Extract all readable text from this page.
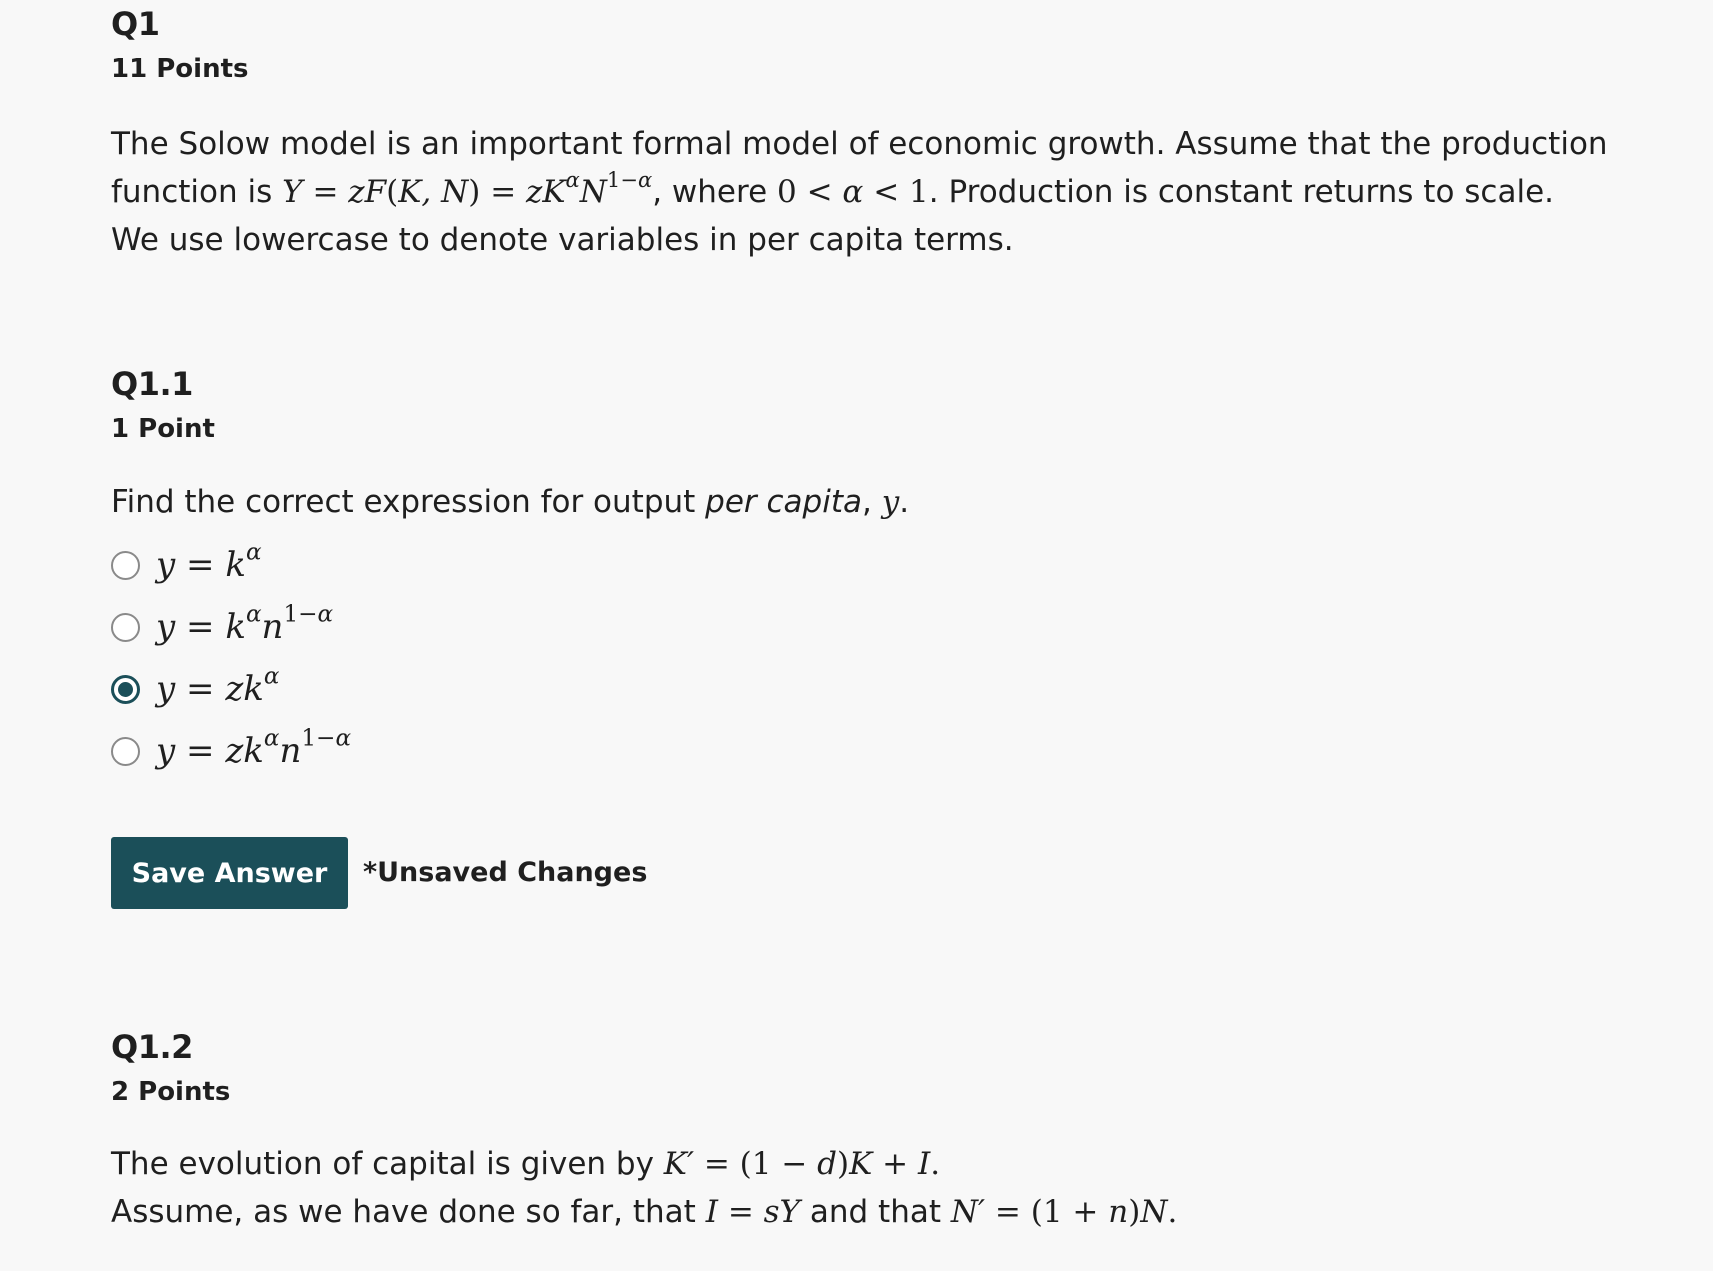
Q1
11 Points
The Solow model is an important formal model of economic growth. Assume that the production function is Y = zF(K, $N) = zK^\alpha N^{1-\alpha}$, where 0 < α < 1. Production is constant returns to scale. We use lowercase to denote variables in per capita terms.
Q1.1
1 Point
Find the correct expression for output per capita, y.
$y = k^\alpha$
$y = k^\alpha n^{1-\alpha}$
$y = zk^\alpha$
$y = zk^\alpha n^{1-\alpha}$
Save Answer	*Unsaved Changes
Q1.2
2 Points
The evolution of capital is given by K′ = (1 − d)K + I.
Assume, as we have done so far, that I = sY and that N′ = (1 + n)N.
